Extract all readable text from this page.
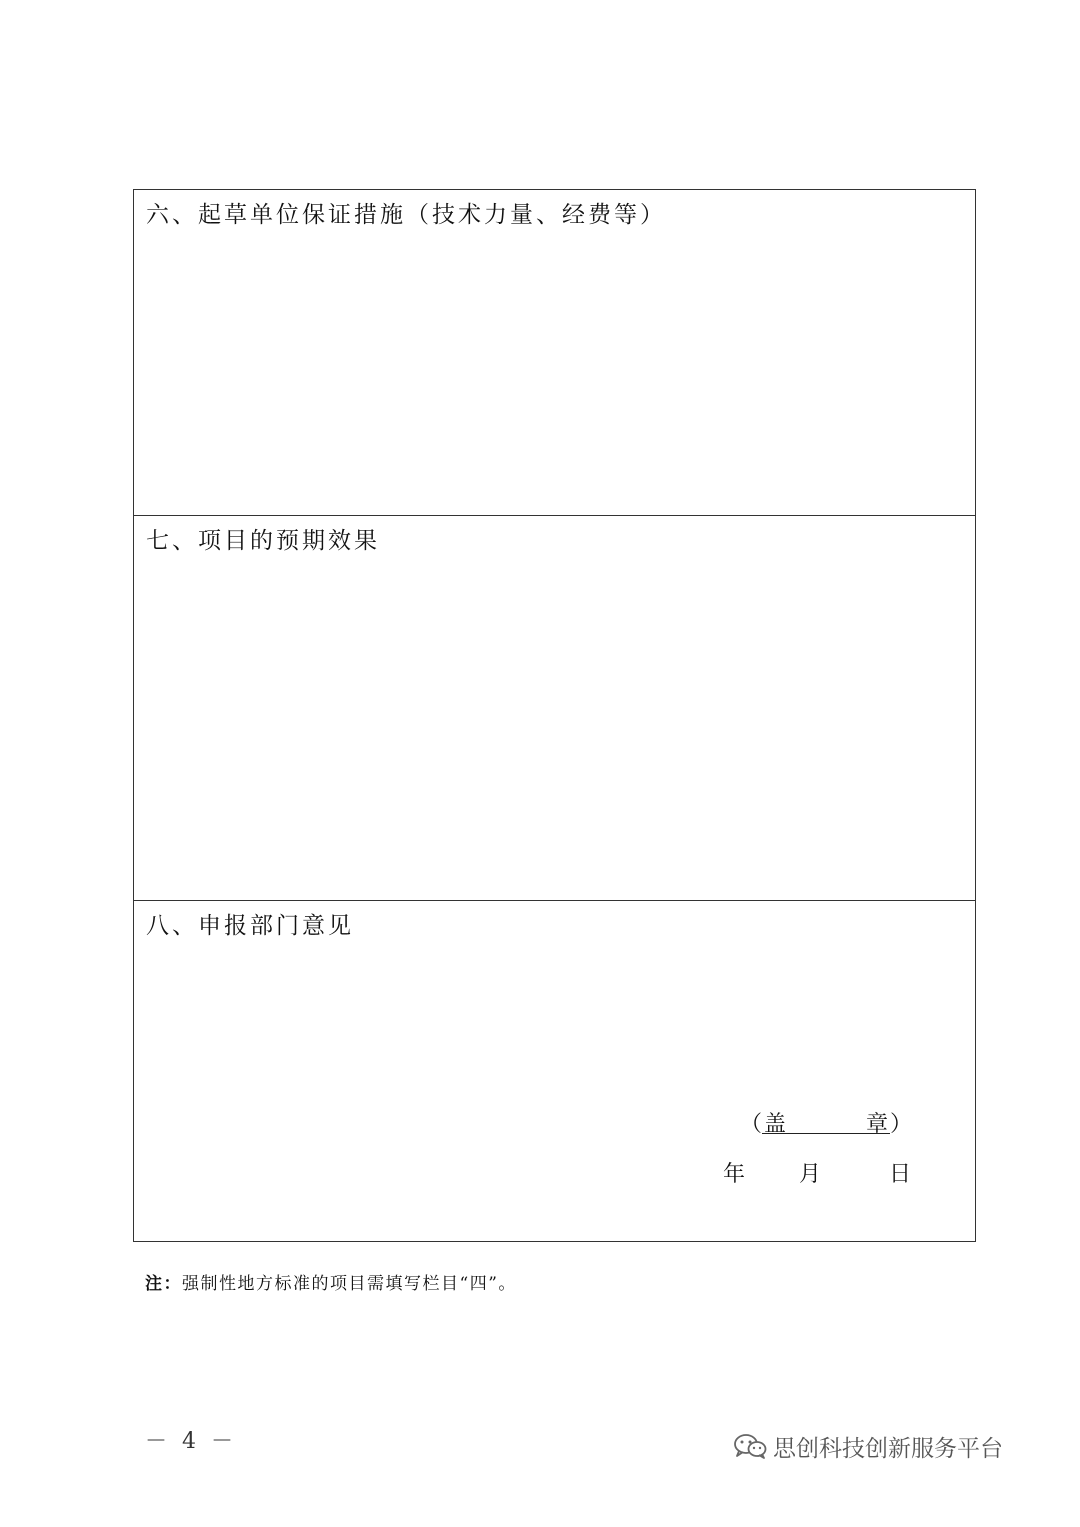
六、起草单位保证措施（技术力量、经费等）
七、项目的预期效果
八、申报部门意见
（ 盖	章 ）
年 月	日
注：强制性地方标准的项目需填写栏目“四”。
－ 4 －	思创科技创新服务平台
